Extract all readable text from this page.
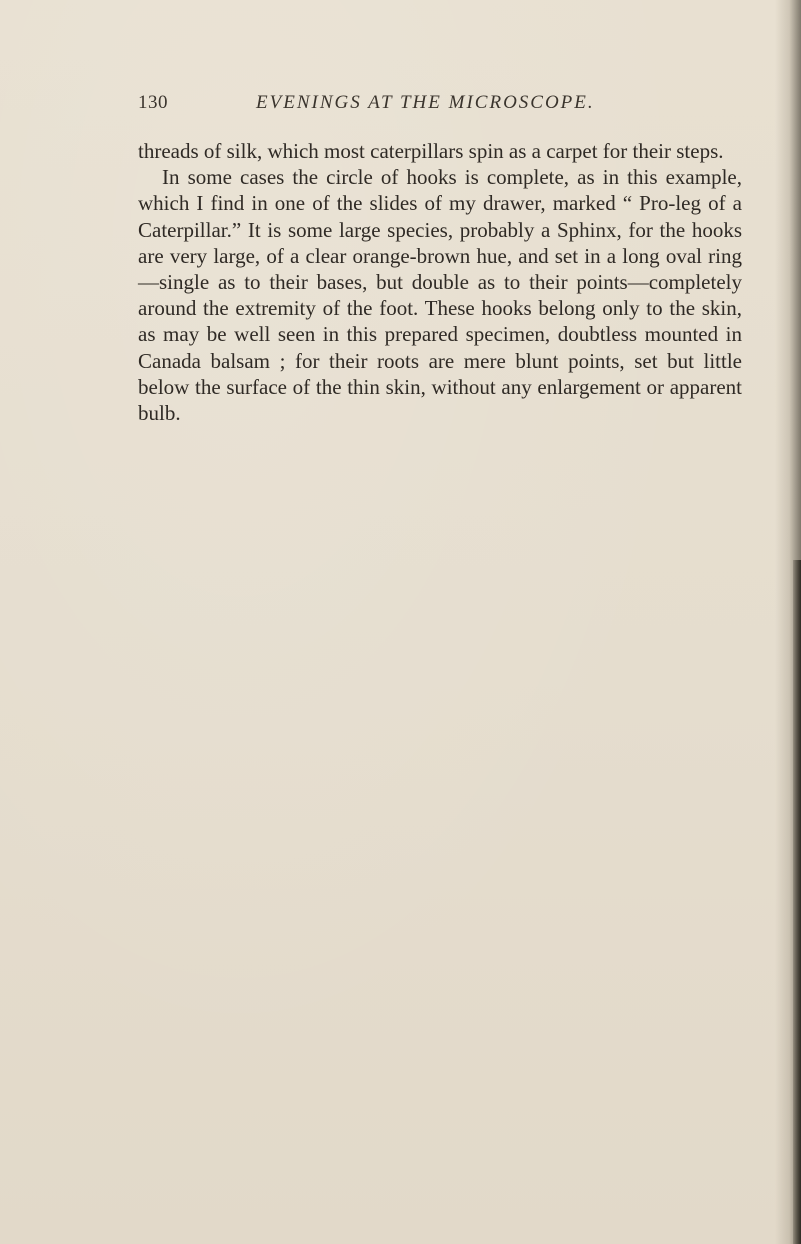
130	EVENINGS AT THE MICROSCOPE.

threads of silk, which most caterpillars spin as a carpet for their steps.

In some cases the circle of hooks is complete, as in this example, which I find in one of the slides of my drawer, marked “ Pro-leg of a Caterpillar.” It is some large species, probably a Sphinx, for the hooks are very large, of a clear orange-brown hue, and set in a long oval ring—single as to their bases, but double as to their points—completely around the extremity of the foot. These hooks belong only to the skin, as may be well seen in this prepared specimen, doubtless mounted in Canada balsam ; for their roots are mere blunt points, set but little below the surface of the thin skin, without any enlargement or apparent bulb.
